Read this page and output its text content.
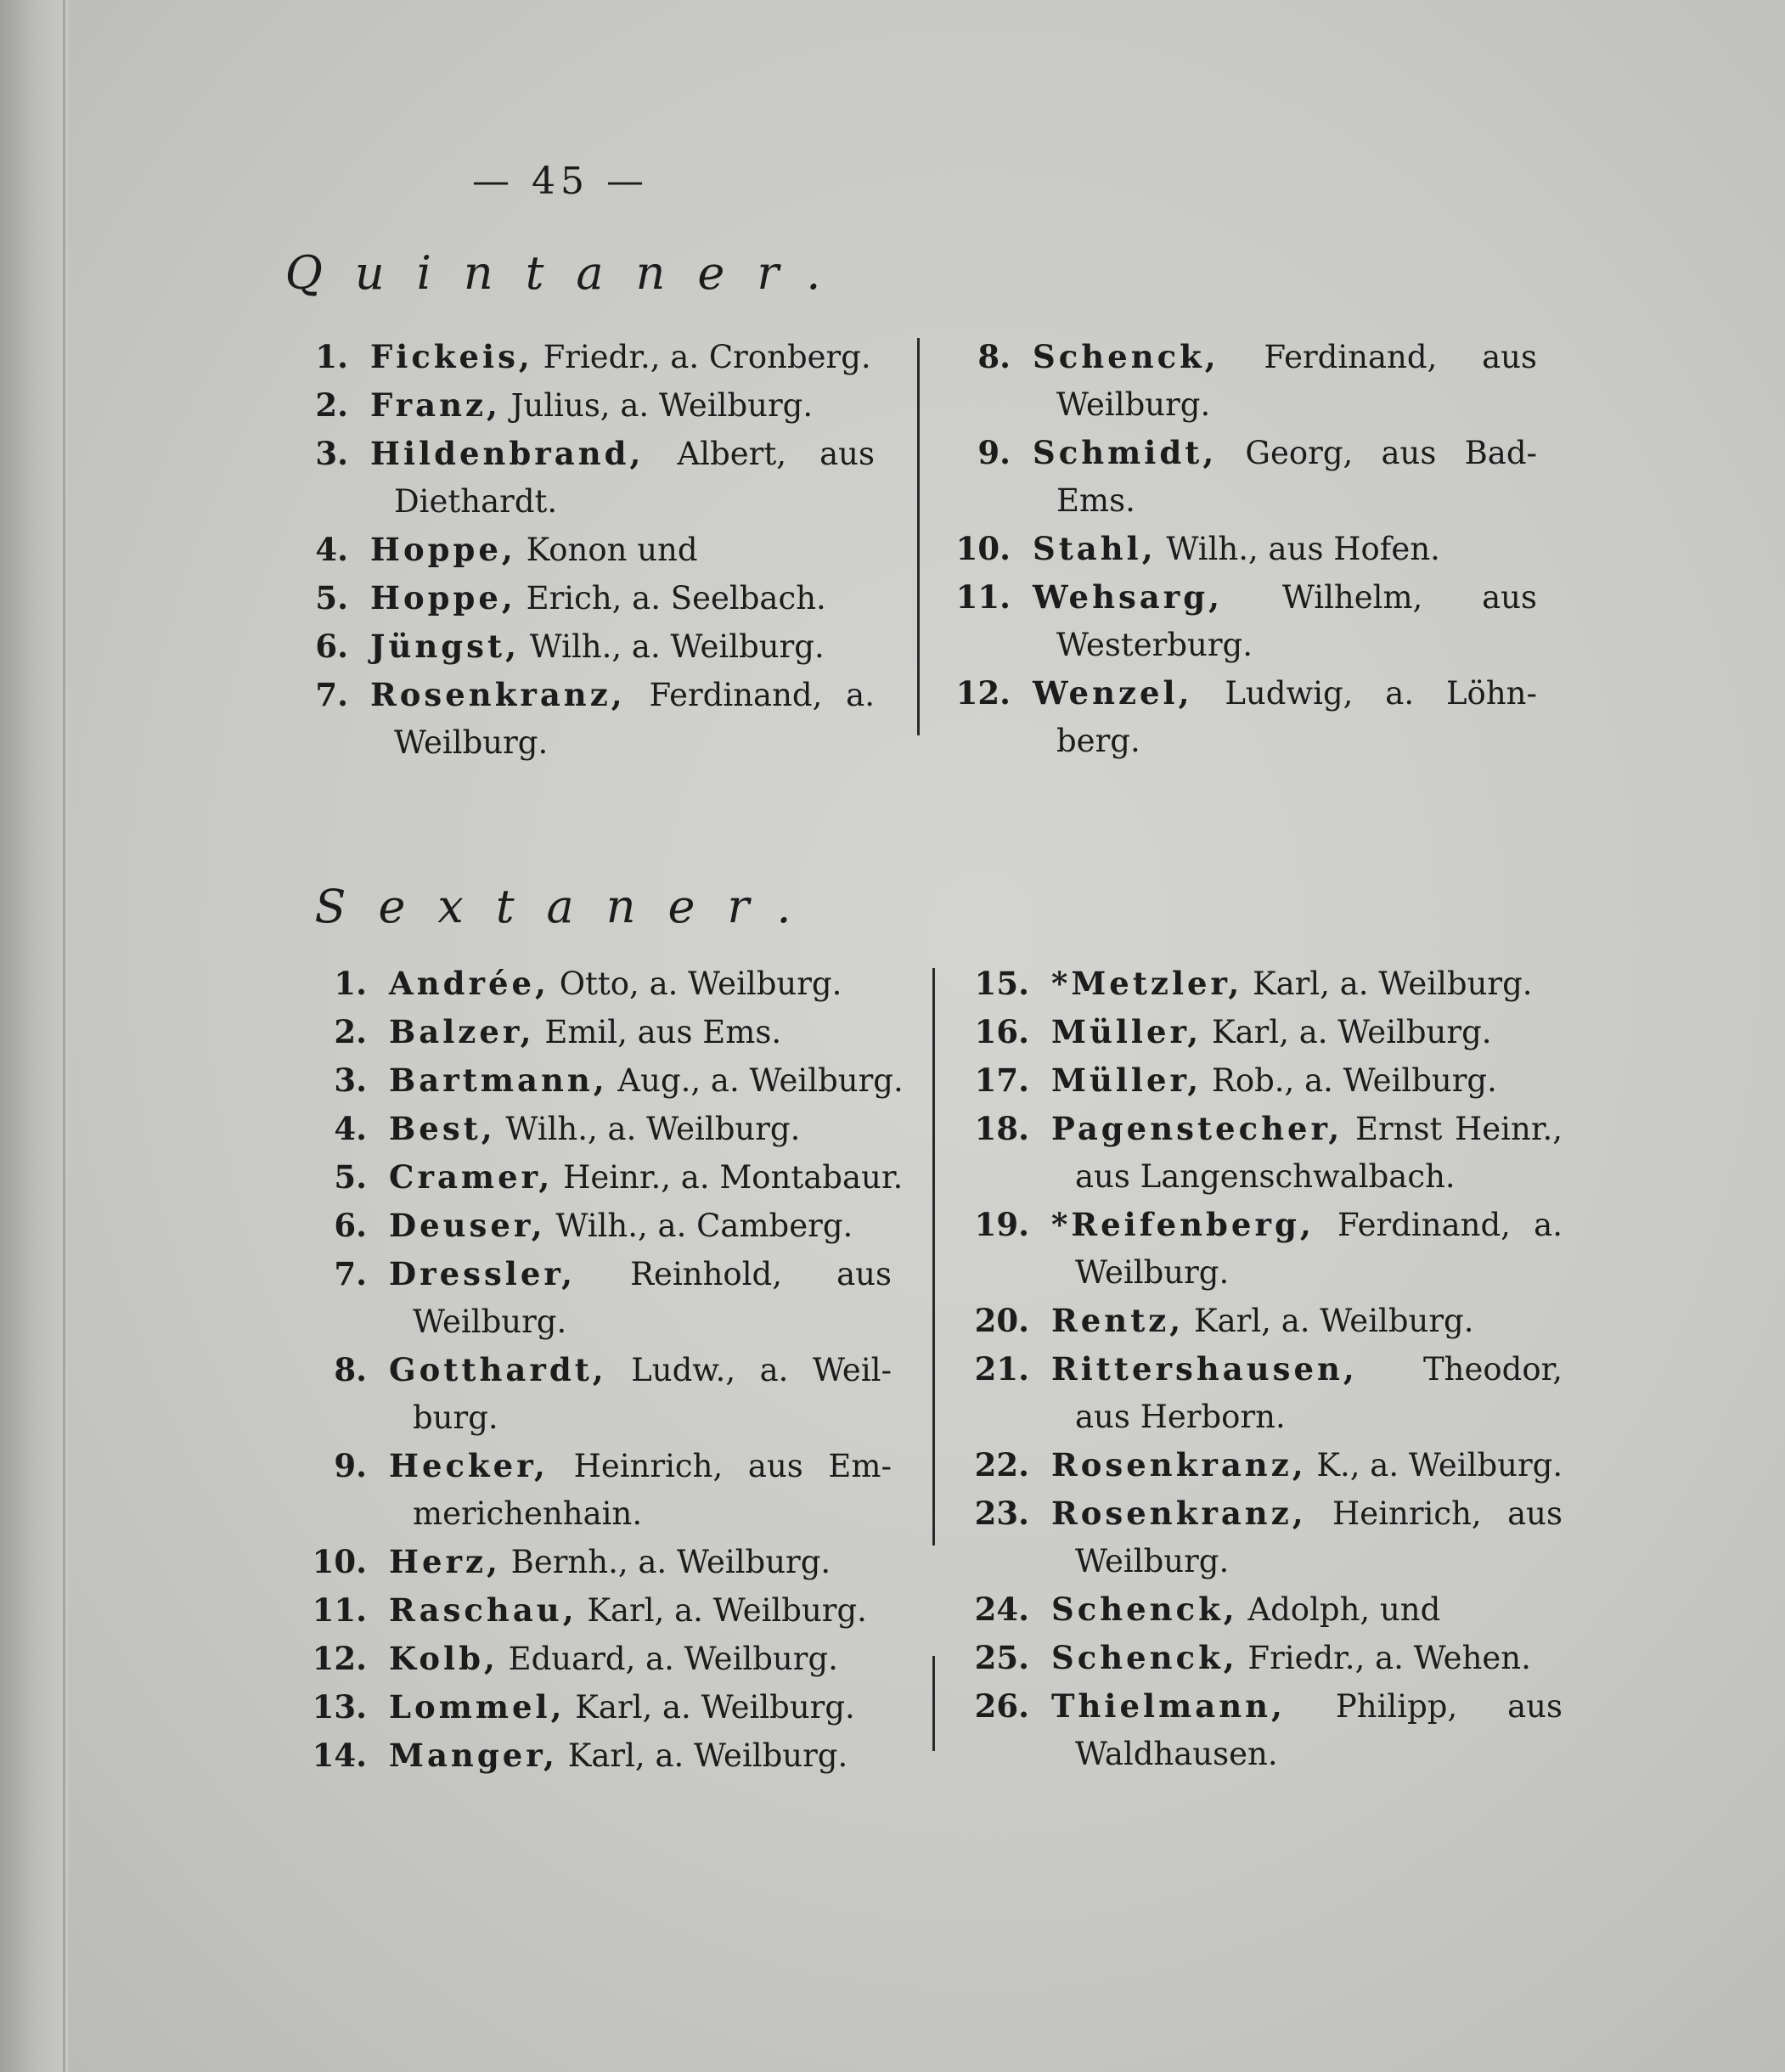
— 45 —
Quintaner.
1. Fickeis, Friedr., a. Cronberg.
2. Franz, Julius, a. Weilburg.
3. Hildenbrand, Albert, aus
Diethardt.
4. Hoppe, Konon und
5. Hoppe, Erich, a. Seelbach.
6. Jüngst, Wilh., a. Weilburg.
7. Rosenkranz, Ferdinand, a.
Weilburg.
8. Schenck, Ferdinand, aus
Weilburg.
9. Schmidt, Georg, aus Bad-
Ems.
10. Stahl, Wilh., aus Hofen.
11. Wehsarg, Wilhelm, aus
Westerburg.
12. Wenzel, Ludwig, a. Löhn-
berg.
Sextaner.
1. Andrée, Otto, a. Weilburg.
2. Balzer, Emil, aus Ems.
3. Bartmann, Aug., a. Weilburg.
4. Best, Wilh., a. Weilburg.
5. Cramer, Heinr., a. Montabaur.
6. Deuser, Wilh., a. Camberg.
7. Dressler, Reinhold, aus
Weilburg.
8. Gotthardt, Ludw., a. Weil-
burg.
9. Hecker, Heinrich, aus Em-
merichenhain.
10. Herz, Bernh., a. Weilburg.
11. Raschau, Karl, a. Weilburg.
12. Kolb, Eduard, a. Weilburg.
13. Lommel, Karl, a. Weilburg.
14. Manger, Karl, a. Weilburg.
15. *Metzler, Karl, a. Weilburg.
16. Müller, Karl, a. Weilburg.
17. Müller, Rob., a. Weilburg.
18. Pagenstecher, Ernst Heinr.,
aus Langenschwalbach.
19. *Reifenberg, Ferdinand, a.
Weilburg.
20. Rentz, Karl, a. Weilburg.
21. Rittershausen, Theodor,
aus Herborn.
22. Rosenkranz, K., a. Weilburg.
23. Rosenkranz, Heinrich, aus
Weilburg.
24. Schenck, Adolph, und
25. Schenck, Friedr., a. Wehen.
26. Thielmann, Philipp, aus
Waldhausen.
